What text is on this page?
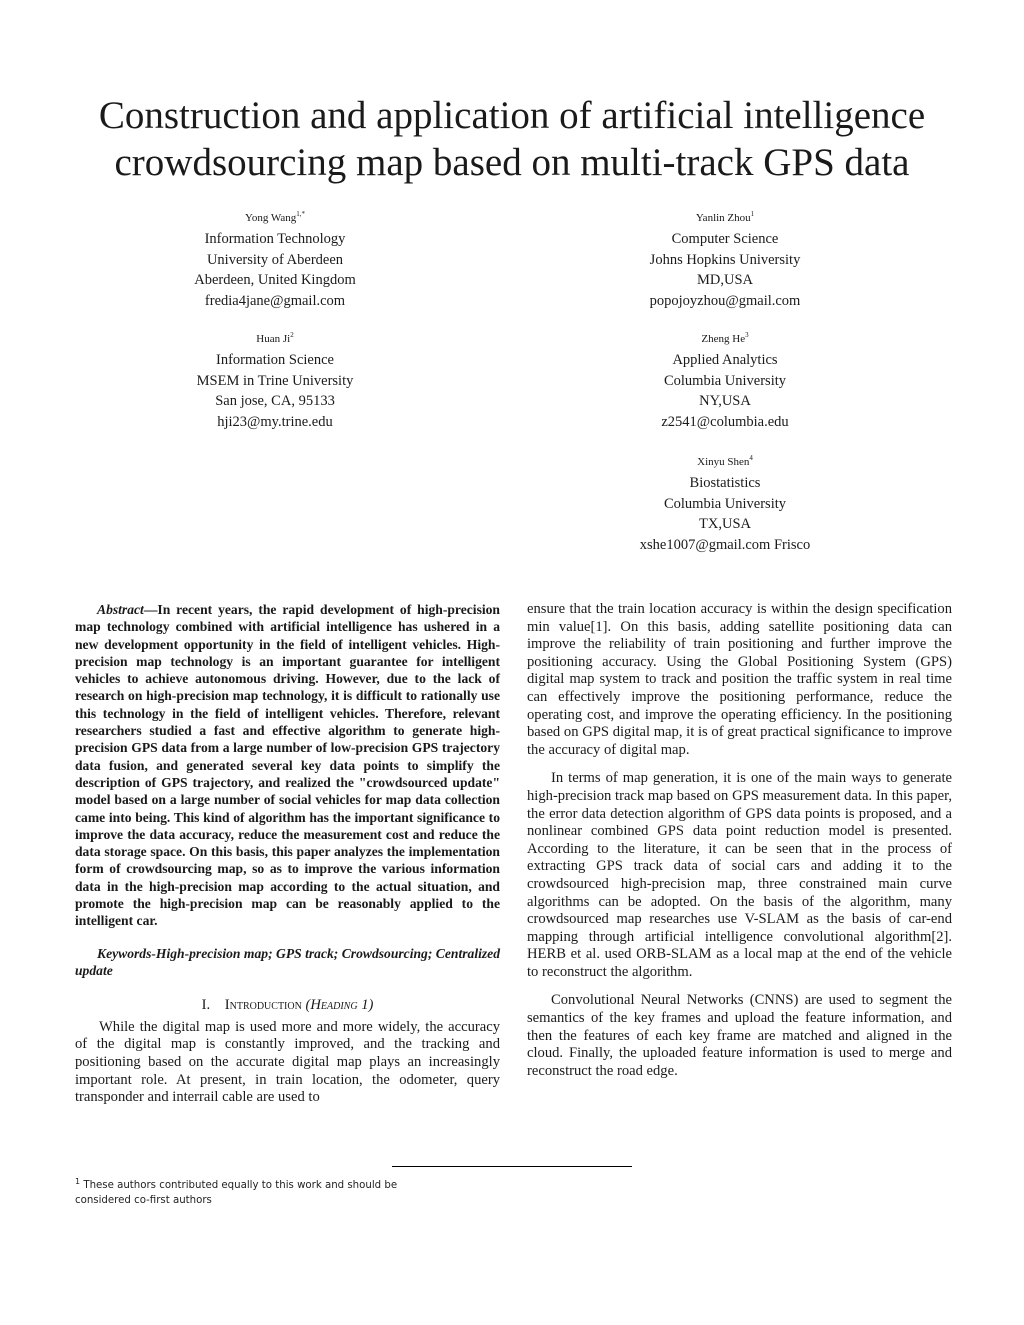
Construction and application of artificial intelligence
crowdsourcing map based on multi-track GPS data
Yong Wang$^{1,*}$
Information Technology
University of Aberdeen
Aberdeen, United Kingdom
fredia4jane@gmail.com
Yanlin Zhou$^1$
Computer Science
Johns Hopkins University
MD,USA
popojoyzhou@gmail.com
Huan Ji$^2$
Information Science
MSEM in Trine University
San jose, CA, 95133
hji23@my.trine.edu
Zheng He$^3$
Applied Analytics
Columbia University
NY,USA
z2541@columbia.edu
Xinyu Shen$^4$
Biostatistics
Columbia University
TX,USA
xshe1007@gmail.com Frisco

Abstract—In recent years, the rapid development of high-precision map technology combined with artificial intelligence has ushered in a new development opportunity in the field of intelligent vehicles. High-precision map technology is an important guarantee for intelligent vehicles to achieve autonomous driving. However, due to the lack of research on high-precision map technology, it is difficult to rationally use this technology in the field of intelligent vehicles. Therefore, relevant researchers studied a fast and effective algorithm to generate high-precision GPS data from a large number of low-precision GPS trajectory data fusion, and generated several key data points to simplify the description of GPS trajectory, and realized the "crowdsourced update" model based on a large number of social vehicles for map data collection came into being. This kind of algorithm has the important significance to improve the data accuracy, reduce the measurement cost and reduce the data storage space. On this basis, this paper analyzes the implementation form of crowdsourcing map, so as to improve the various information data in the high-precision map according to the actual situation, and promote the high-precision map can be reasonably applied to the intelligent car.

Keywords-High-precision map; GPS track; Crowdsourcing; Centralized update

I. Introduction (Heading 1)

While the digital map is used more and more widely, the accuracy of the digital map is constantly improved, and the tracking and positioning based on the accurate digital map plays an increasingly important role. At present, in train location, the odometer, query transponder and interrail cable are used to

ensure that the train location accuracy is within the design specification min value[1]. On this basis, adding satellite positioning data can improve the reliability of train positioning and further improve the positioning accuracy. Using the Global Positioning System (GPS) digital map system to track and position the traffic system in real time can effectively improve the positioning performance, reduce the operating cost, and improve the operating efficiency. In the positioning based on GPS digital map, it is of great practical significance to improve the accuracy of digital map.

In terms of map generation, it is one of the main ways to generate high-precision track map based on GPS measurement data. In this paper, the error data detection algorithm of GPS data points is proposed, and a nonlinear combined GPS data point reduction model is presented. According to the literature, it can be seen that in the process of extracting GPS track data of social cars and adding it to the crowdsourced high-precision map, three constrained main curve algorithms can be adopted. On the basis of the algorithm, many crowdsourced map researches use V-SLAM as the basis of car-end mapping through artificial intelligence convolutional algorithm[2]. HERB et al. used ORB-SLAM as a local map at the end of the vehicle to reconstruct the algorithm.

Convolutional Neural Networks (CNNS) are used to segment the semantics of the key frames and upload the feature information, and then the features of each key frame are matched and aligned in the cloud. Finally, the uploaded feature information is used to merge and reconstruct the road edge.

$^1$ These authors contributed equally to this work and should be considered co-first authors
